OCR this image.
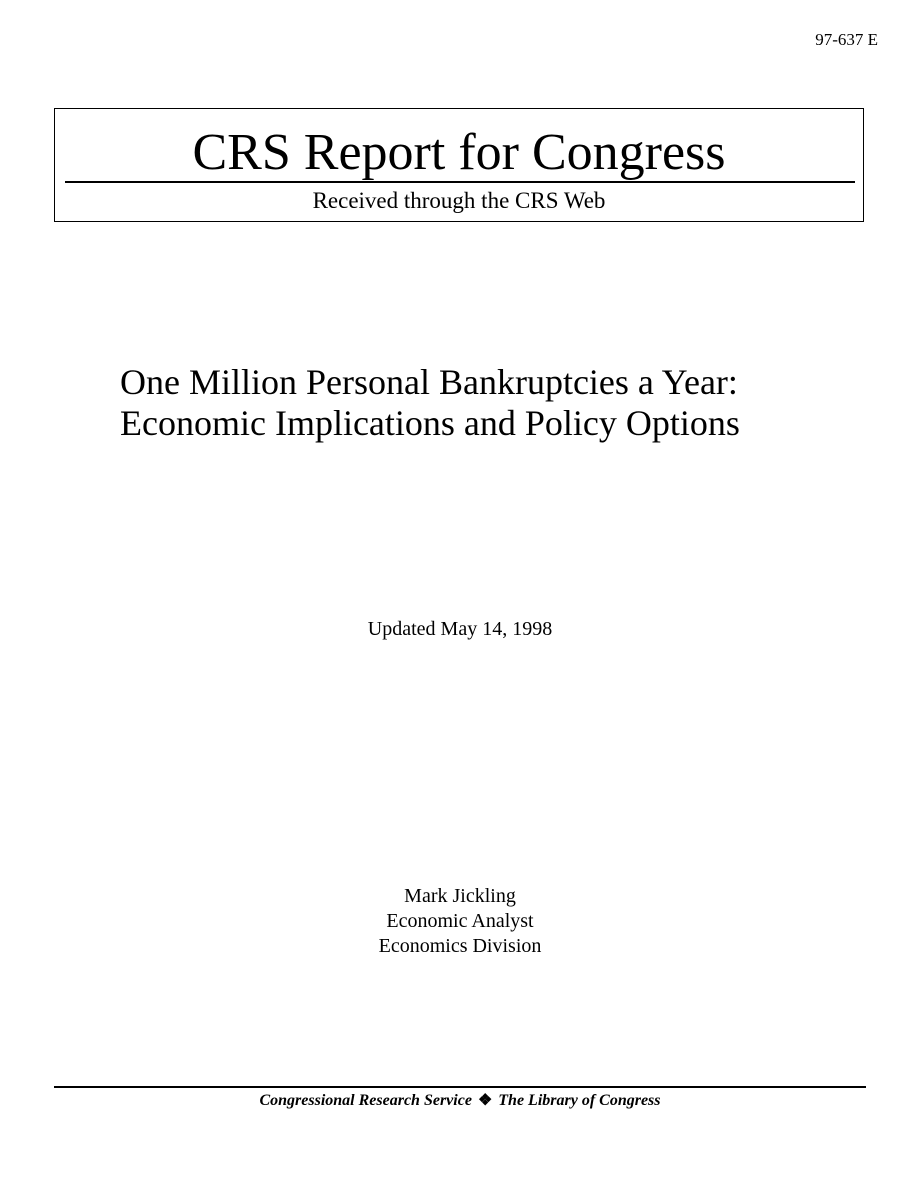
97-637 E
CRS Report for Congress
Received through the CRS Web
One Million Personal Bankruptcies a Year:
Economic Implications and Policy Options
Updated May 14, 1998
Mark Jickling
Economic Analyst
Economics Division
Congressional Research Service ❖ The Library of Congress
